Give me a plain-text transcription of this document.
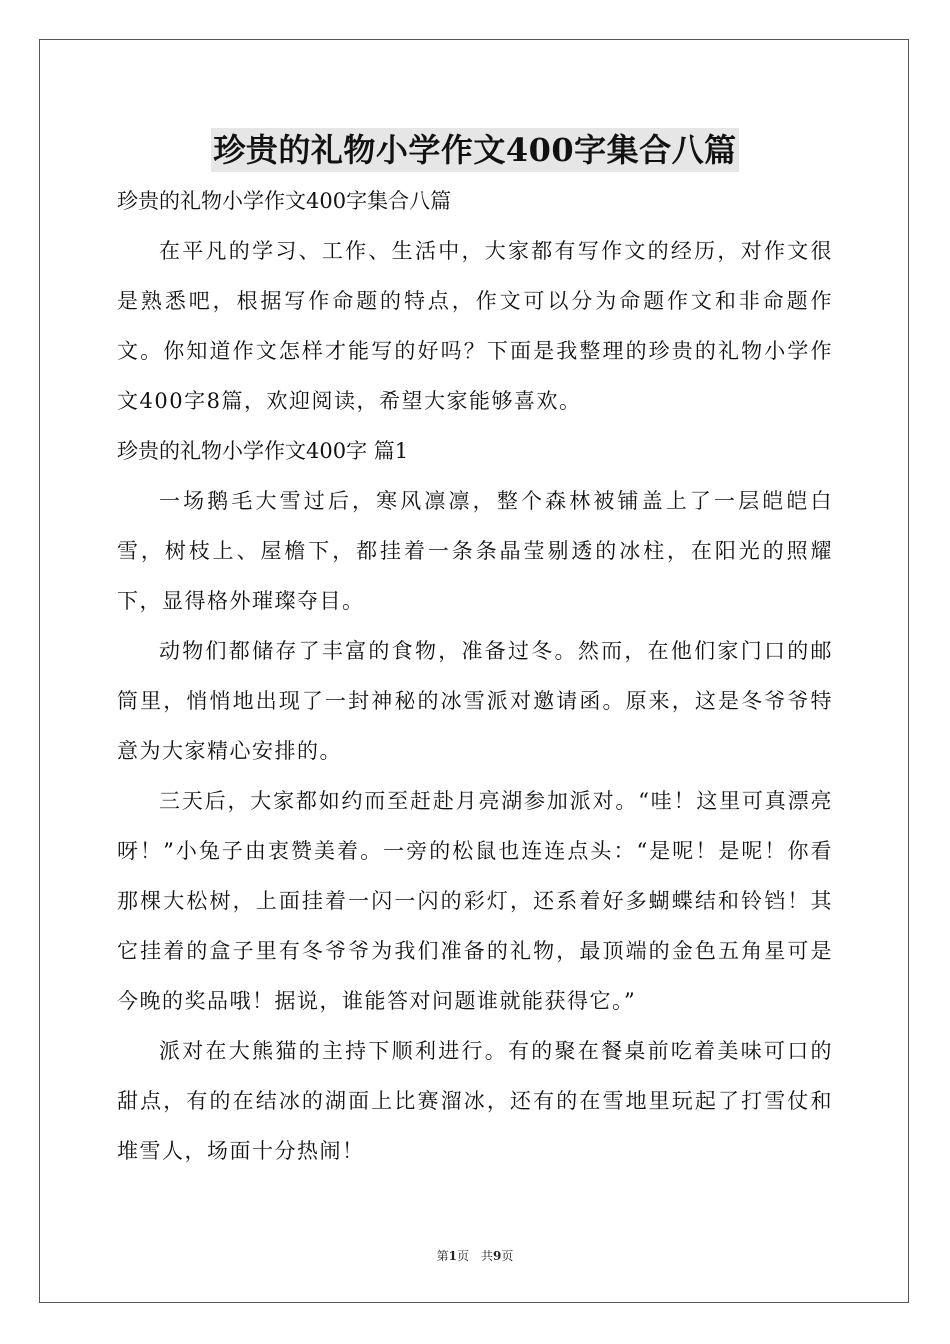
珍贵的礼物小学作文400字集合八篇

珍贵的礼物小学作文400字集合八篇

在平凡的学习、工作、生活中，大家都有写作文的经历，对作文很是熟悉吧，根据写作命题的特点，作文可以分为命题作文和非命题作文。你知道作文怎样才能写的好吗？下面是我整理的珍贵的礼物小学作文400字8篇，欢迎阅读，希望大家能够喜欢。

珍贵的礼物小学作文400字 篇1

一场鹅毛大雪过后，寒风凛凛，整个森林被铺盖上了一层皑皑白雪，树枝上、屋檐下，都挂着一条条晶莹剔透的冰柱，在阳光的照耀下，显得格外璀璨夺目。

动物们都储存了丰富的食物，准备过冬。然而，在他们家门口的邮筒里，悄悄地出现了一封神秘的冰雪派对邀请函。原来，这是冬爷爷特意为大家精心安排的。

三天后，大家都如约而至赶赴月亮湖参加派对。“哇！这里可真漂亮呀！”小兔子由衷赞美着。一旁的松鼠也连连点头：“是呢！是呢！你看那棵大松树，上面挂着一闪一闪的彩灯，还系着好多蝴蝶结和铃铛！其它挂着的盒子里有冬爷爷为我们准备的礼物，最顶端的金色五角星可是今晚的奖品哦！据说，谁能答对问题谁就能获得它。”

派对在大熊猫的主持下顺利进行。有的聚在餐桌前吃着美味可口的甜点，有的在结冰的湖面上比赛溜冰，还有的在雪地里玩起了打雪仗和堆雪人，场面十分热闹！

第1页　共9页
